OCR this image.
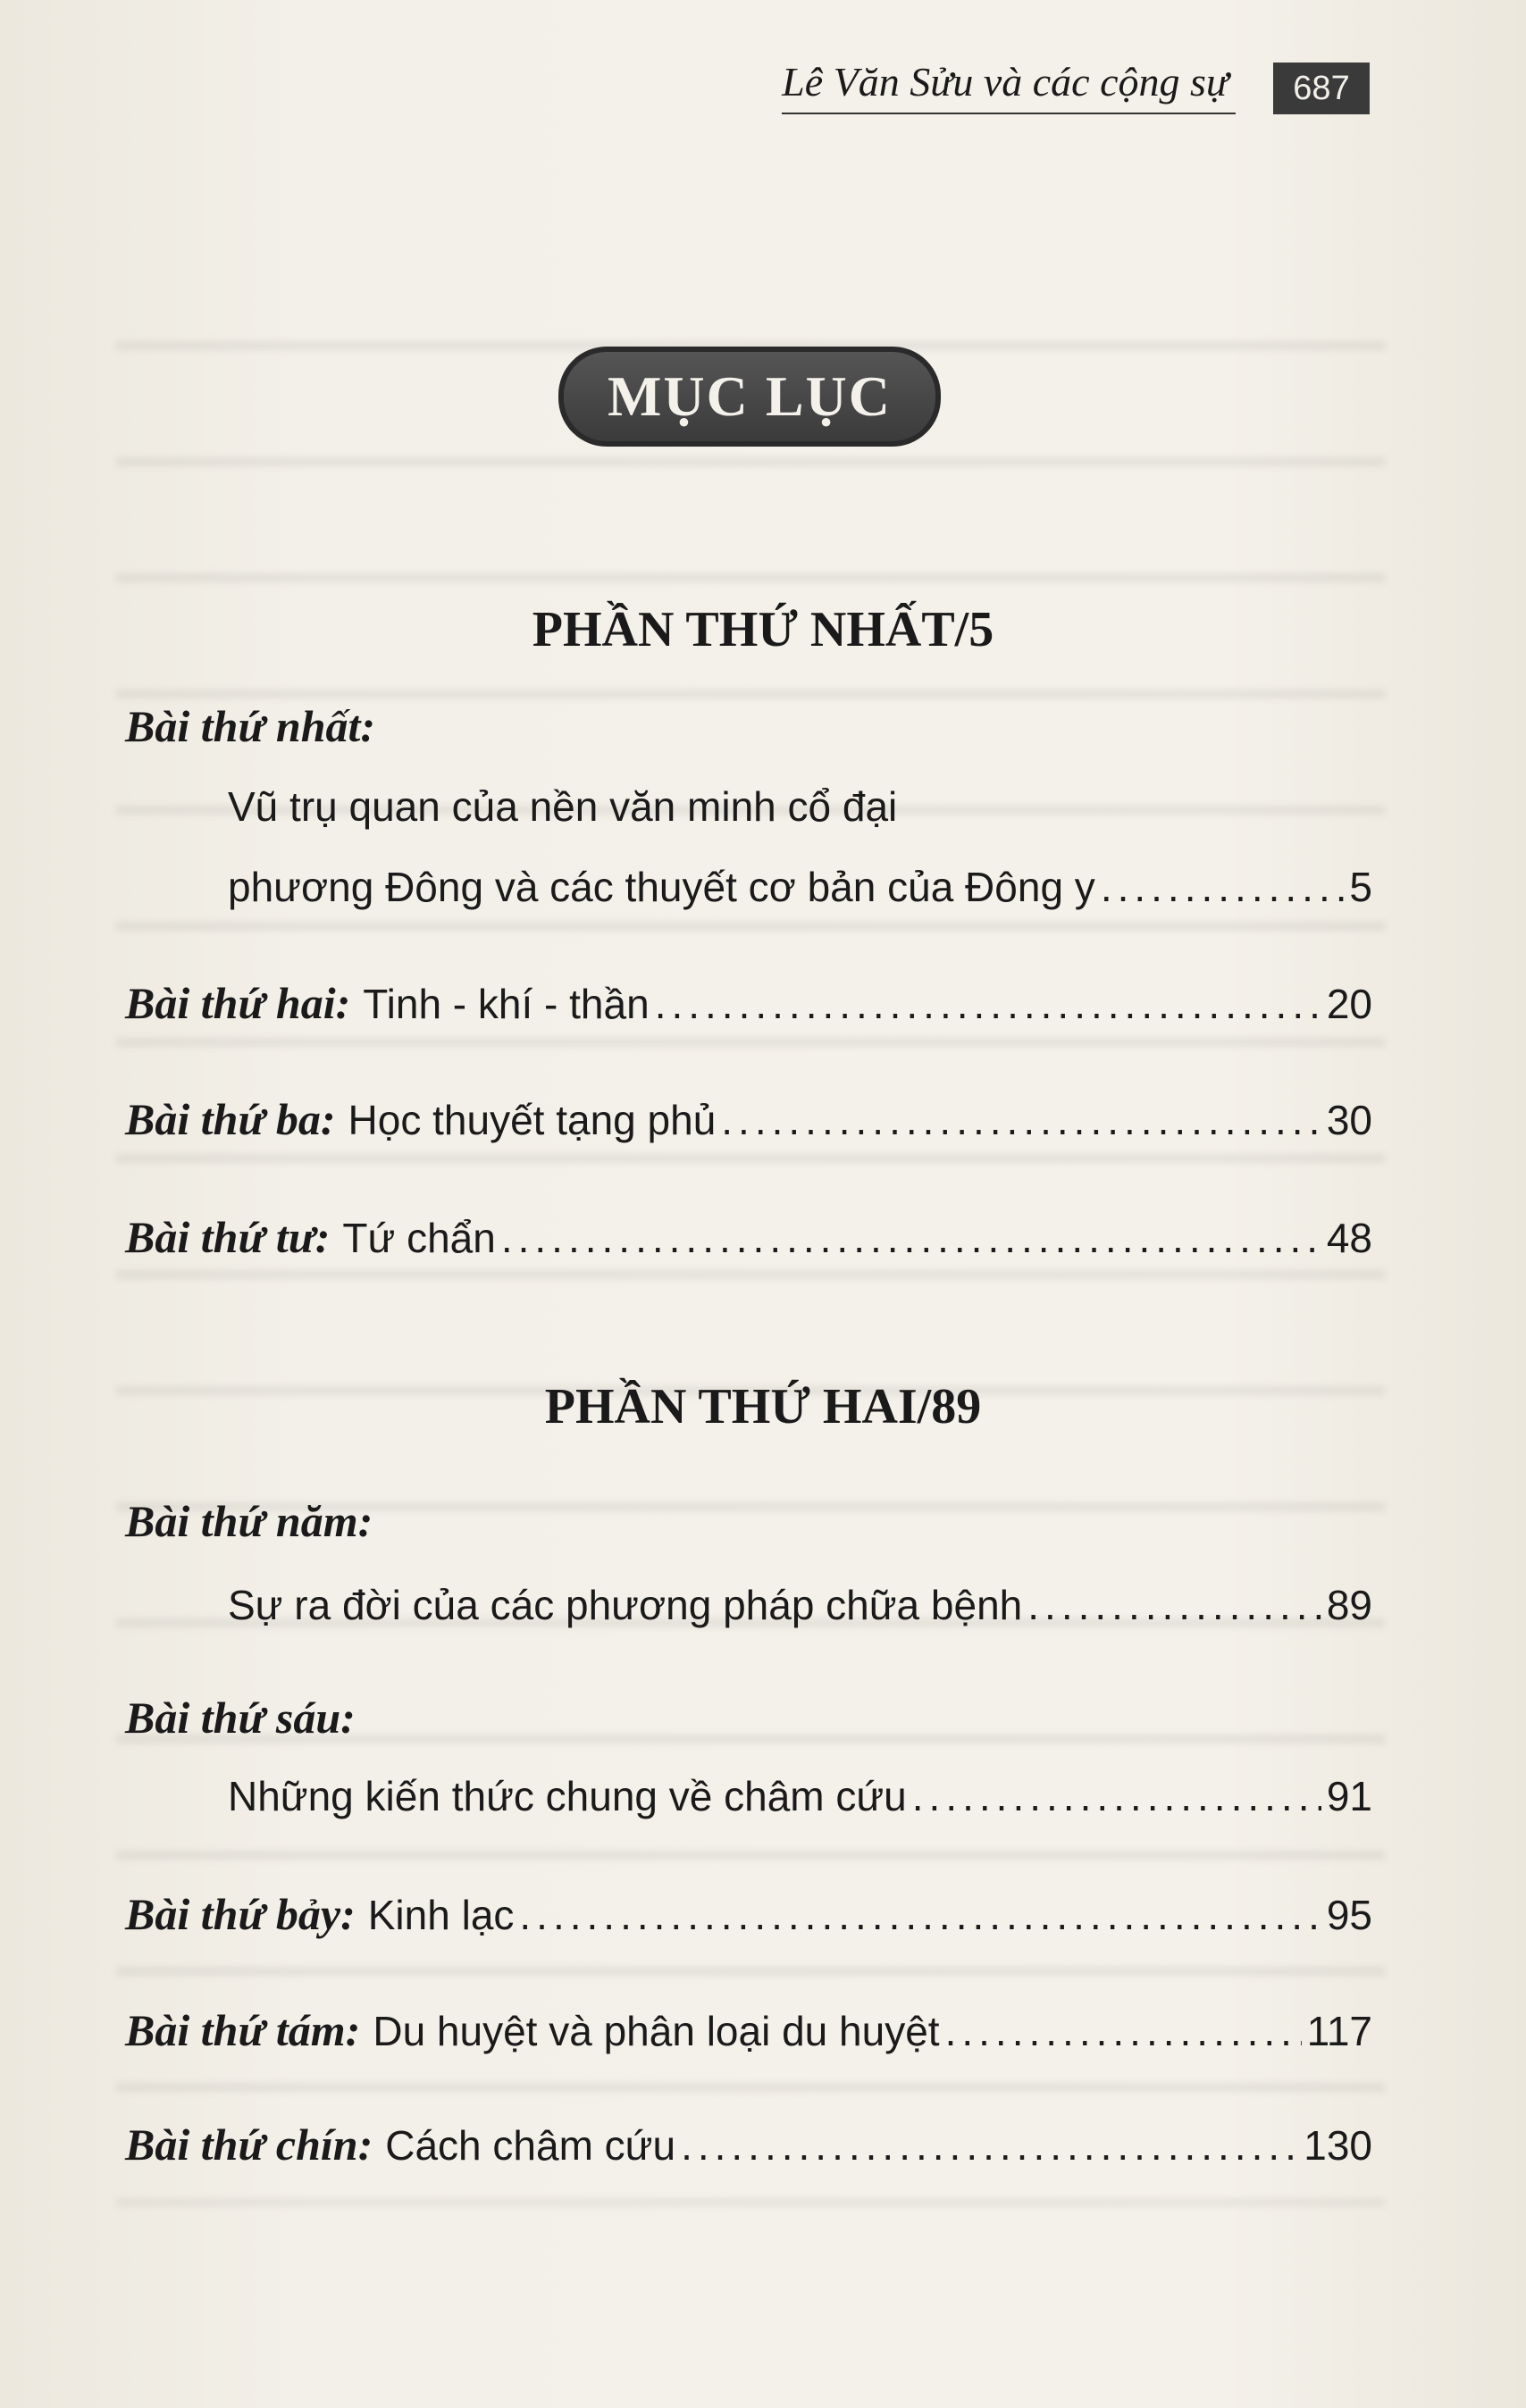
Lê Văn Sửu và các cộng sự	687
MỤC LỤC
PHẦN THỨ NHẤT/5
Bài thứ nhất:
Vũ trụ quan của nền văn minh cổ đại
phương Đông và các thuyết cơ bản của Đông y .....	5
Bài thứ hai: Tinh - khí - thần .....	20
Bài thứ ba: Học thuyết tạng phủ .....	30
Bài thứ tư: Tứ chẩn .....	48
PHẦN THỨ HAI/89
Bài thứ năm:
Sự ra đời của các phương pháp chữa bệnh .....	89
Bài thứ sáu:
Những kiến thức chung về châm cứu .....	91
Bài thứ bảy: Kinh lạc .....	95
Bài thứ tám: Du huyệt và phân loại du huyệt .....	117
Bài thứ chín: Cách châm cứu .....	130
